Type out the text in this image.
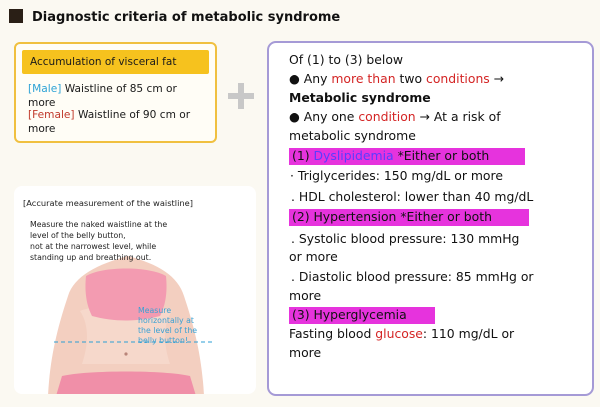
Diagnostic criteria of metabolic syndrome
Accumulation of visceral fat
[Male] Waistline of 85 cm or
more
[Female] Waistline of 90 cm or
more
[Accurate measurement of the waistline]
Measure the naked waistline at the
level of the belly button,
not at the narrowest level, while
standing up and breathing out.
Measure
horizontally at
the level of the
belly button!
Of (1) to (3) below
● Any more than two conditions →
Metabolic syndrome
● Any one condition → At a risk of
metabolic syndrome
(1) Dyslipidemia *Either or both
· Triglycerides: 150 mg/dL or more
. HDL cholesterol: lower than 40 mg/dL
(2) Hypertension *Either or both
. Systolic blood pressure: 130 mmHg
or more
. Diastolic blood pressure: 85 mmHg or
more
(3) Hyperglycemia
Fasting blood glucose: 110 mg/dL or
more
